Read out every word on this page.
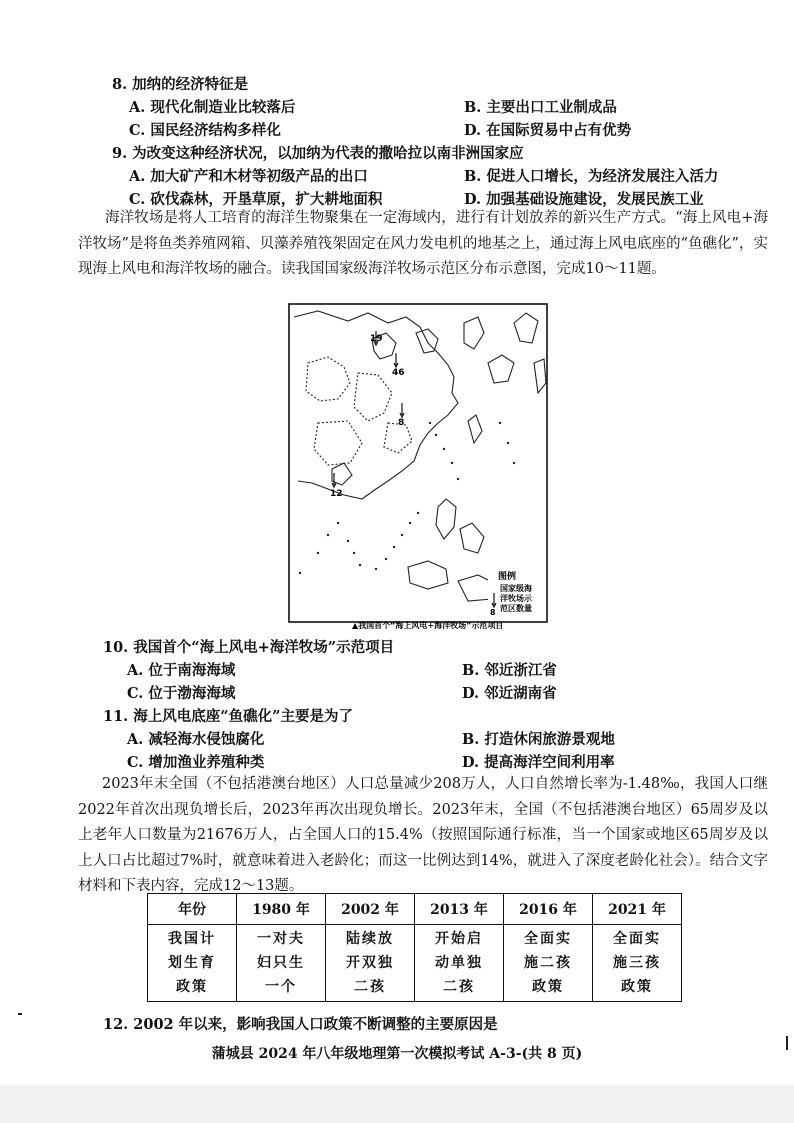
8. 加纳的经济特征是
A. 现代化制造业比较落后	B. 主要出口工业制成品
C. 国民经济结构多样化	D. 在国际贸易中占有优势
9. 为改变这种经济状况，以加纳为代表的撒哈拉以南非洲国家应
A. 加大矿产和木材等初级产品的出口	B. 促进人口增长，为经济发展注入活力
C. 砍伐森林，开垦草原，扩大耕地面积	D. 加强基础设施建设，发展民族工业
海洋牧场是将人工培育的海洋生物聚集在一定海域内，进行有计划放养的新兴生产方式。“海上风电+海洋牧场”是将鱼类养殖网箱、贝藻养殖筏架固定在风力发电机的地基之上，通过海上风电底座的“鱼礁化”，实现海上风电和海洋牧场的融合。读我国国家级海洋牧场示范区分布示意图，完成10～11题。
19
46
8
12
图例
8
国家级海
洋牧场示
范区数量
▲我国首个“海上风电+海洋牧场”示范项目
10. 我国首个“海上风电+海洋牧场”示范项目
A. 位于南海海域	B. 邻近浙江省
C. 位于渤海海域	D. 邻近湖南省
11. 海上风电底座“鱼礁化”主要是为了
A. 减轻海水侵蚀腐化	B. 打造休闲旅游景观地
C. 增加渔业养殖种类	D. 提高海洋空间利用率
2023年末全国（不包括港澳台地区）人口总量减少208万人，人口自然增长率为-1.48‰，我国人口继2022年首次出现负增长后，2023年再次出现负增长。2023年末，全国（不包括港澳台地区）65周岁及以上老年人口数量为21676万人，占全国人口的15.4%（按照国际通行标准，当一个国家或地区65周岁及以上人口占比超过7%时，就意味着进入老龄化；而这一比例达到14%，就进入了深度老龄化社会）。结合文字材料和下表内容，完成12～13题。
年份	1980 年	2002 年	2013 年	2016 年	2021 年
我国计划生育政策	一对夫妇只生一个	陆续放开双独二孩	开始启动单独二孩	全面实施二孩政策	全面实施三孩政策
12. 2002 年以来，影响我国人口政策不断调整的主要原因是
蒲城县 2024 年八年级地理第一次模拟考试 A-3-(共 8 页)
